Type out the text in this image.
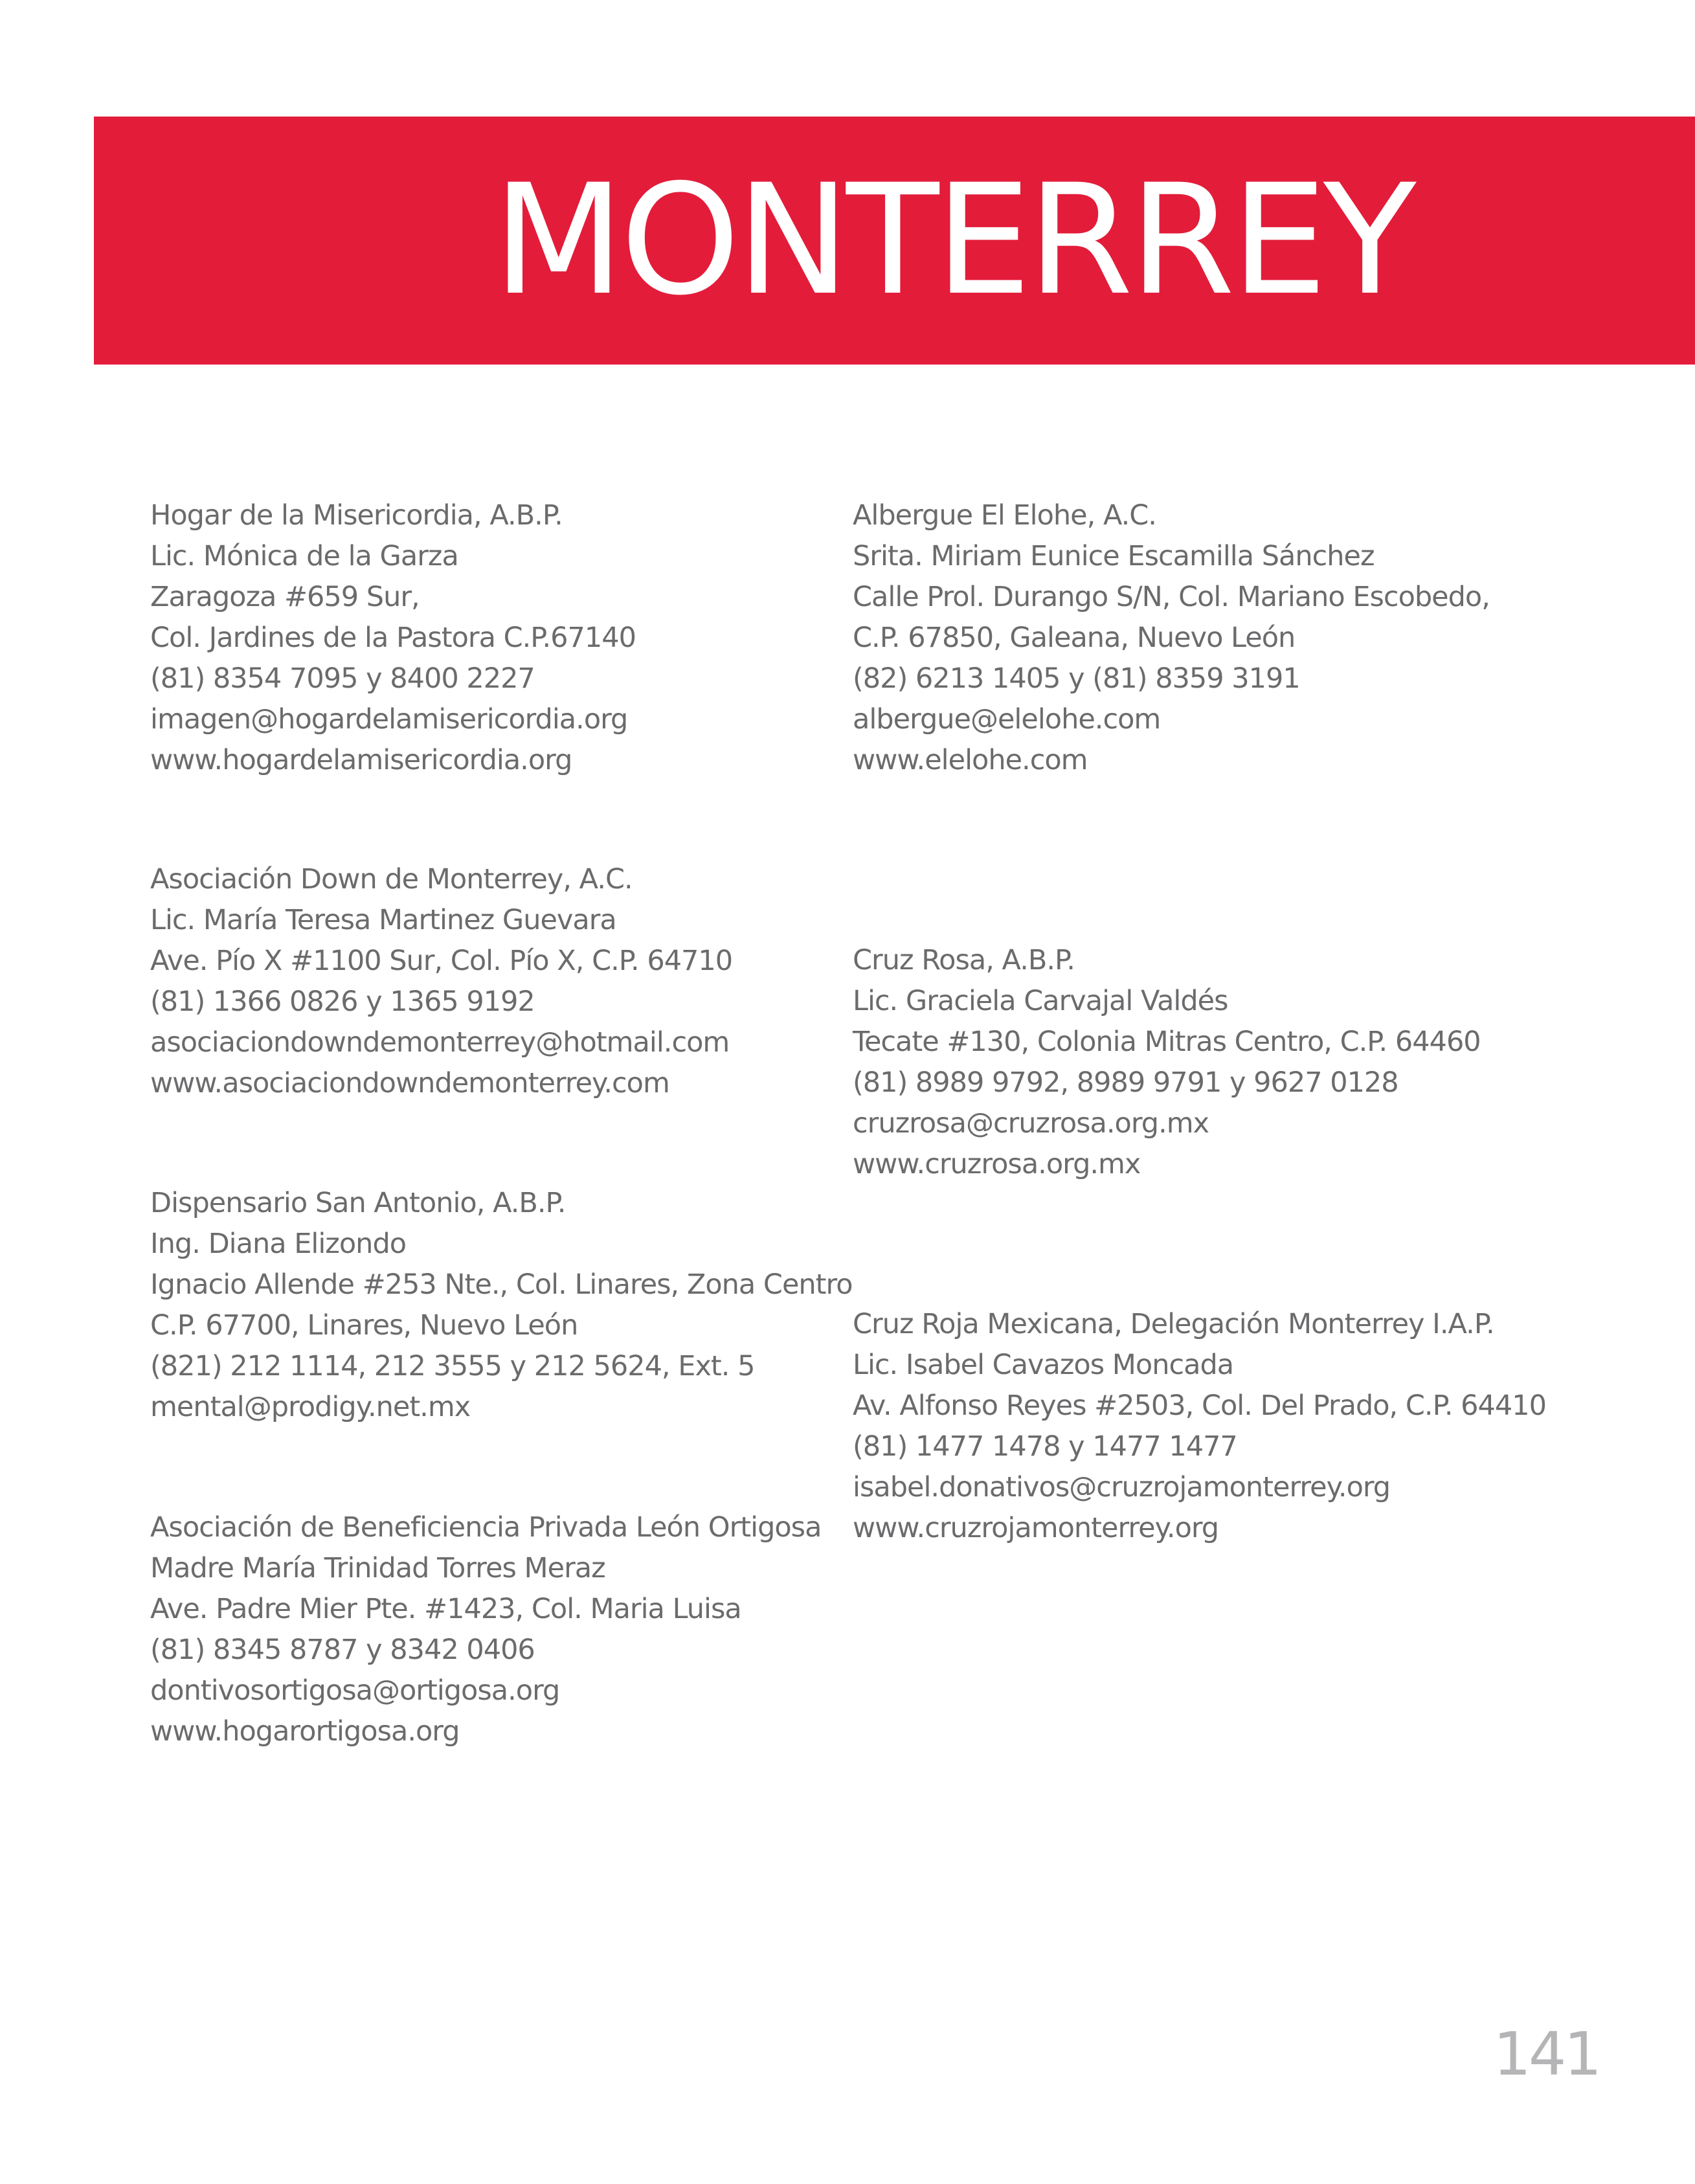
MONTERREY
Hogar de la Misericordia, A.B.P.
Lic. Mónica de la Garza
Zaragoza #659 Sur,
Col. Jardines de la Pastora C.P.67140
(81) 8354 7095 y 8400 2227
imagen@hogardelamisericordia.org
www.hogardelamisericordia.org
Asociación Down de Monterrey, A.C.
Lic. María Teresa Martinez Guevara
Ave. Pío X #1100 Sur, Col. Pío X, C.P. 64710
(81) 1366 0826 y 1365 9192
asociaciondowndemonterrey@hotmail.com
www.asociaciondowndemonterrey.com
Dispensario San Antonio, A.B.P.
Ing. Diana Elizondo
Ignacio Allende #253 Nte., Col. Linares, Zona Centro
C.P. 67700, Linares, Nuevo León
(821) 212 1114, 212 3555 y 212 5624, Ext. 5
mental@prodigy.net.mx
Asociación de Beneficiencia Privada León Ortigosa
Madre María Trinidad Torres Meraz
Ave. Padre Mier Pte. #1423, Col. Maria Luisa
(81) 8345 8787 y 8342 0406
dontivosortigosa@ortigosa.org
www.hogarortigosa.org
Albergue El Elohe, A.C.
Srita. Miriam Eunice Escamilla Sánchez
Calle Prol. Durango S/N, Col. Mariano Escobedo,
C.P. 67850, Galeana, Nuevo León
(82) 6213 1405 y (81) 8359 3191
albergue@elelohe.com
www.elelohe.com
Cruz Rosa, A.B.P.
Lic. Graciela Carvajal Valdés
Tecate #130, Colonia Mitras Centro, C.P. 64460
(81) 8989 9792, 8989 9791 y 9627 0128
cruzrosa@cruzrosa.org.mx
www.cruzrosa.org.mx
Cruz Roja Mexicana, Delegación Monterrey I.A.P.
Lic. Isabel Cavazos Moncada
Av. Alfonso Reyes #2503, Col. Del Prado, C.P. 64410
(81) 1477 1478 y 1477 1477
isabel.donativos@cruzrojamonterrey.org
www.cruzrojamonterrey.org
141
